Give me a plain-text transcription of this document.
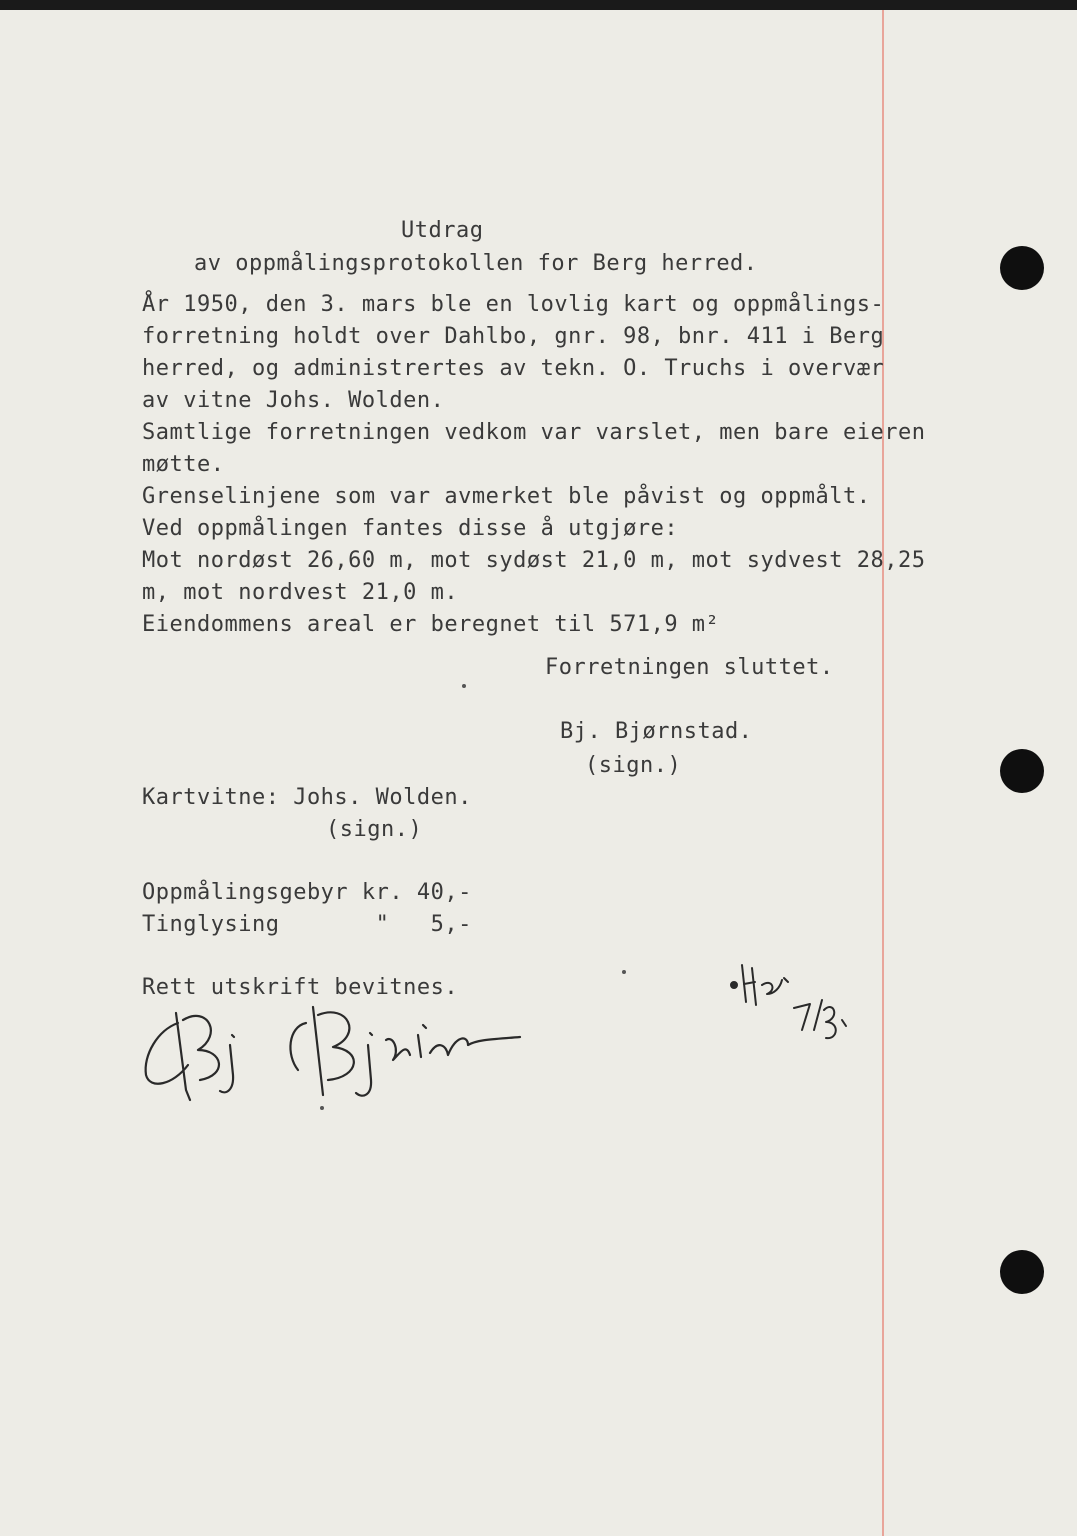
Utdrag
av oppmålingsprotokollen for Berg herred.
År 1950, den 3. mars ble en lovlig kart og oppmålings-
forretning holdt over Dahlbo, gnr. 98, bnr. 411 i Berg
herred, og administrertes av tekn. O. Truchs i overvær
av vitne Johs. Wolden.
Samtlige forretningen vedkom var varslet, men bare eieren
møtte.
Grenselinjene som var avmerket ble påvist og oppmålt.
Ved oppmålingen fantes disse å utgjøre:
Mot nordøst 26,60 m, mot sydøst 21,0 m, mot sydvest 28,25
m, mot nordvest 21,0 m.
Eiendommens areal er beregnet til 571,9 m²
Forretningen sluttet.
Bj. Bjørnstad.
(sign.)
Kartvitne: Johs. Wolden.
(sign.)
Oppmålingsgebyr kr. 40,-
Tinglysing       "   5,-
Rett utskrift bevitnes.
